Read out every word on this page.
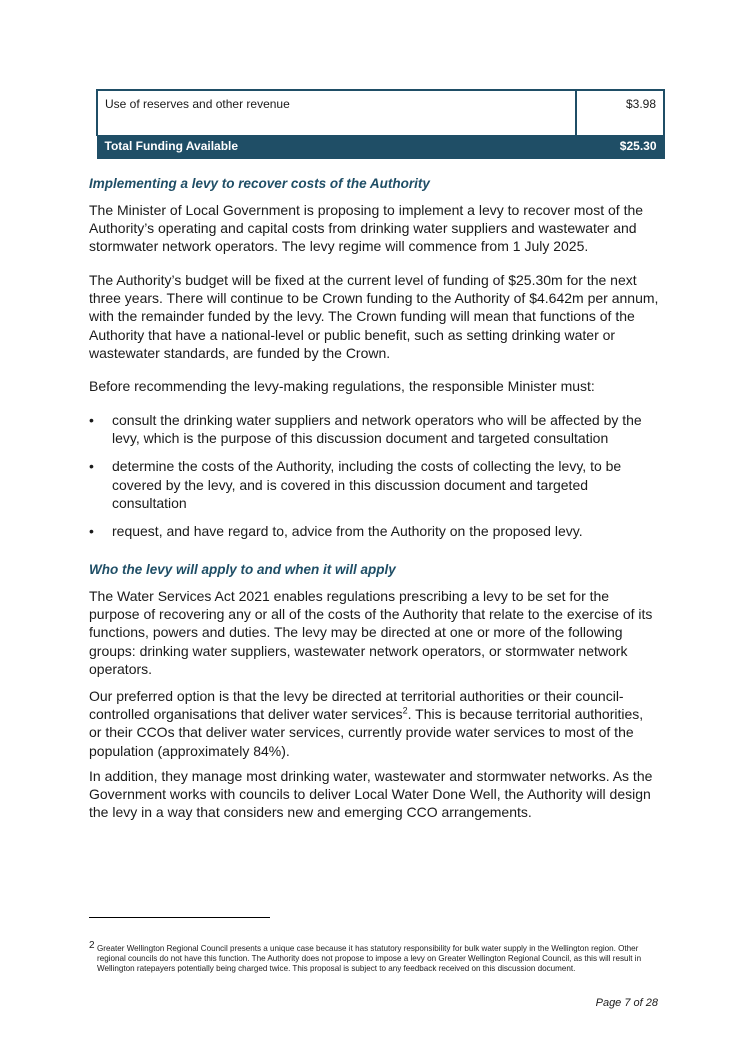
Use of reserves and other revenue	$3.98
Total Funding Available	$25.30
Implementing a levy to recover costs of the Authority

The Minister of Local Government is proposing to implement a levy to recover most of the Authority’s operating and capital costs from drinking water suppliers and wastewater and stormwater network operators. The levy regime will commence from 1 July 2025.

The Authority’s budget will be fixed at the current level of funding of $25.30m for the next three years. There will continue to be Crown funding to the Authority of $4.642m per annum, with the remainder funded by the levy. The Crown funding will mean that functions of the Authority that have a national-level or public benefit, such as setting drinking water or wastewater standards, are funded by the Crown.

Before recommending the levy-making regulations, the responsible Minister must:

• consult the drinking water suppliers and network operators who will be affected by the levy, which is the purpose of this discussion document and targeted consultation
• determine the costs of the Authority, including the costs of collecting the levy, to be covered by the levy, and is covered in this discussion document and targeted consultation
• request, and have regard to, advice from the Authority on the proposed levy.
Who the levy will apply to and when it will apply

The Water Services Act 2021 enables regulations prescribing a levy to be set for the purpose of recovering any or all of the costs of the Authority that relate to the exercise of its functions, powers and duties. The levy may be directed at one or more of the following groups: drinking water suppliers, wastewater network operators, or stormwater network operators.

Our preferred option is that the levy be directed at territorial authorities or their council-controlled organisations that deliver water services$^2$. This is because territorial authorities, or their CCOs that deliver water services, currently provide water services to most of the population (approximately 84%).

In addition, they manage most drinking water, wastewater and stormwater networks. As the Government works with councils to deliver Local Water Done Well, the Authority will design the levy in a way that considers new and emerging CCO arrangements.

2 Greater Wellington Regional Council presents a unique case because it has statutory responsibility for bulk water supply in the Wellington region. Other regional councils do not have this function. The Authority does not propose to impose a levy on Greater Wellington Regional Council, as this will result in Wellington ratepayers potentially being charged twice. This proposal is subject to any feedback received on this discussion document.

Page 7 of 28
